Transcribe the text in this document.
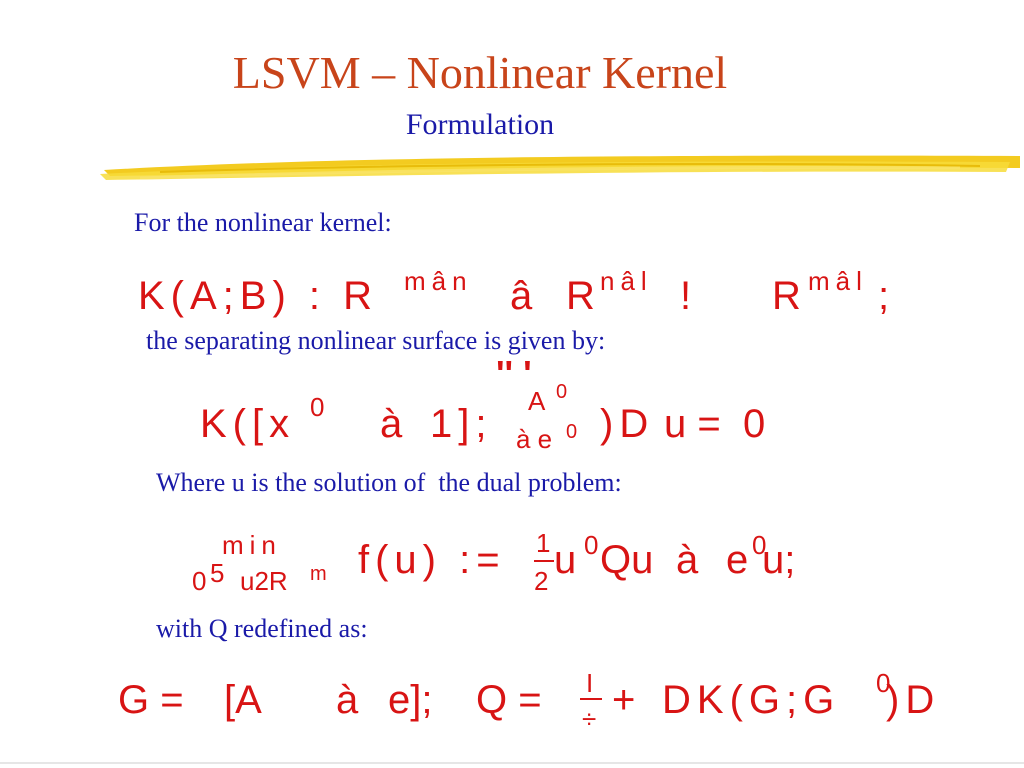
LSVM – Nonlinear Kernel
Formulation
For the nonlinear kernel:
K(A;B) : R mân â R nâl ! R mâl ;
the separating nonlinear surface is given by:
'' '
K([x 0 à 1];
A 0
à e 0 )D u =  0
Where u is the solution of  the dual problem:
min
0 5 u2R m f(u) := 1
2 u 0 Qu à e 0
u;
with Q redefined as:
G = [A à e]; Q = I
÷ + DK(G;G 0
)D
